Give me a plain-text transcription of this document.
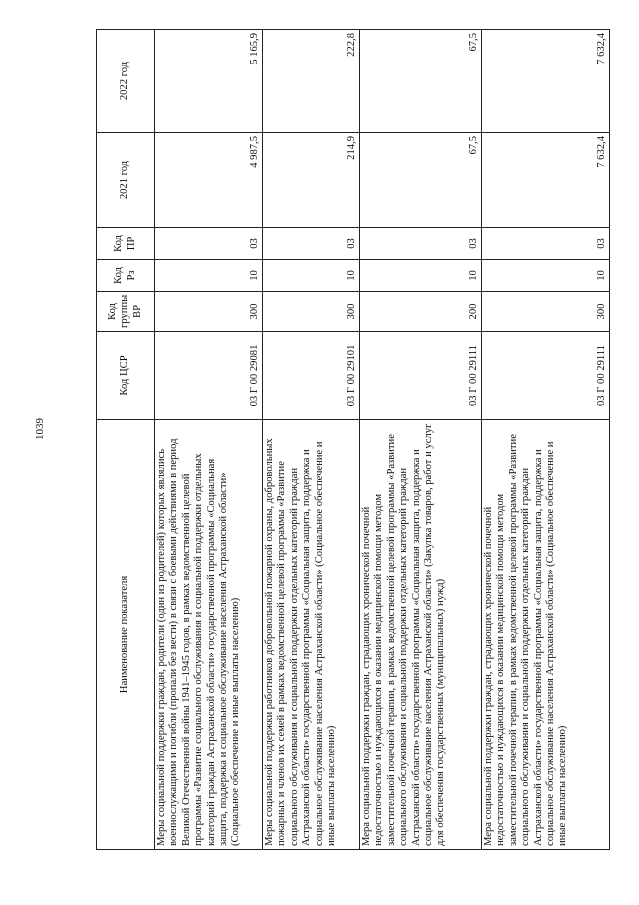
1039
Наименование показателя	Код ЦСР	Код группы ВР	Код Рз	Код ПР	2021 год	2022 год
Меры социальной поддержки граждан, родители (один из родителей) которых являлись военнослужащими и погибли (пропали без вести) в связи с боевыми действиями в период Великой Отечественной войны 1941–1945 годов, в рамках ведомственной целевой программы «Развитие социального обслуживания и социальной поддержки отдельных категорий граждан Астраханской области» государственной программы «Социальная защита, поддержка и социальное обслуживание населения Астраханской области» (Социальное обеспечение и иные выплаты населению)	03 Г 00 29081	300	10	03	4 987,5	5 165,9
Меры социальной поддержки работников добровольной пожарной охраны, добровольных пожарных и членов их семей в рамках ведомственной целевой программы «Развитие социального обслуживания и социальной поддержки отдельных категорий граждан Астраханской области» государственной программы «Социальная защита, поддержка и социальное обслуживание населения Астраханской области» (Социальное обеспечение и иные выплаты населению)	03 Г 00 29101	300	10	03	214,9	222,8
Мера социальной поддержки граждан, страдающих хронической почечной недостаточностью и нуждающихся в оказании медицинской помощи методом заместительной почечной терапии, в рамках ведомственной целевой программы «Развитие социального обслуживания и социальной поддержки отдельных категорий граждан Астраханской области» государственной программы «Социальная защита, поддержка и социальное обслуживание населения Астраханской области» (Закупка товаров, работ и услуг для обеспечения государственных (муниципальных) нужд)	03 Г 00 29111	200	10	03	67,5	67,5
Мера социальной поддержки граждан, страдающих хронической почечной недостаточностью и нуждающихся в оказании медицинской помощи методом заместительной почечной терапии, в рамках ведомственной целевой программы «Развитие социального обслуживания и социальной поддержки отдельных категорий граждан Астраханской области» государственной программы «Социальная защита, поддержка и социальное обслуживание населения Астраханской области» (Социальное обеспечение и иные выплаты населению)	03 Г 00 29111	300	10	03	7 632,4	7 632,4
